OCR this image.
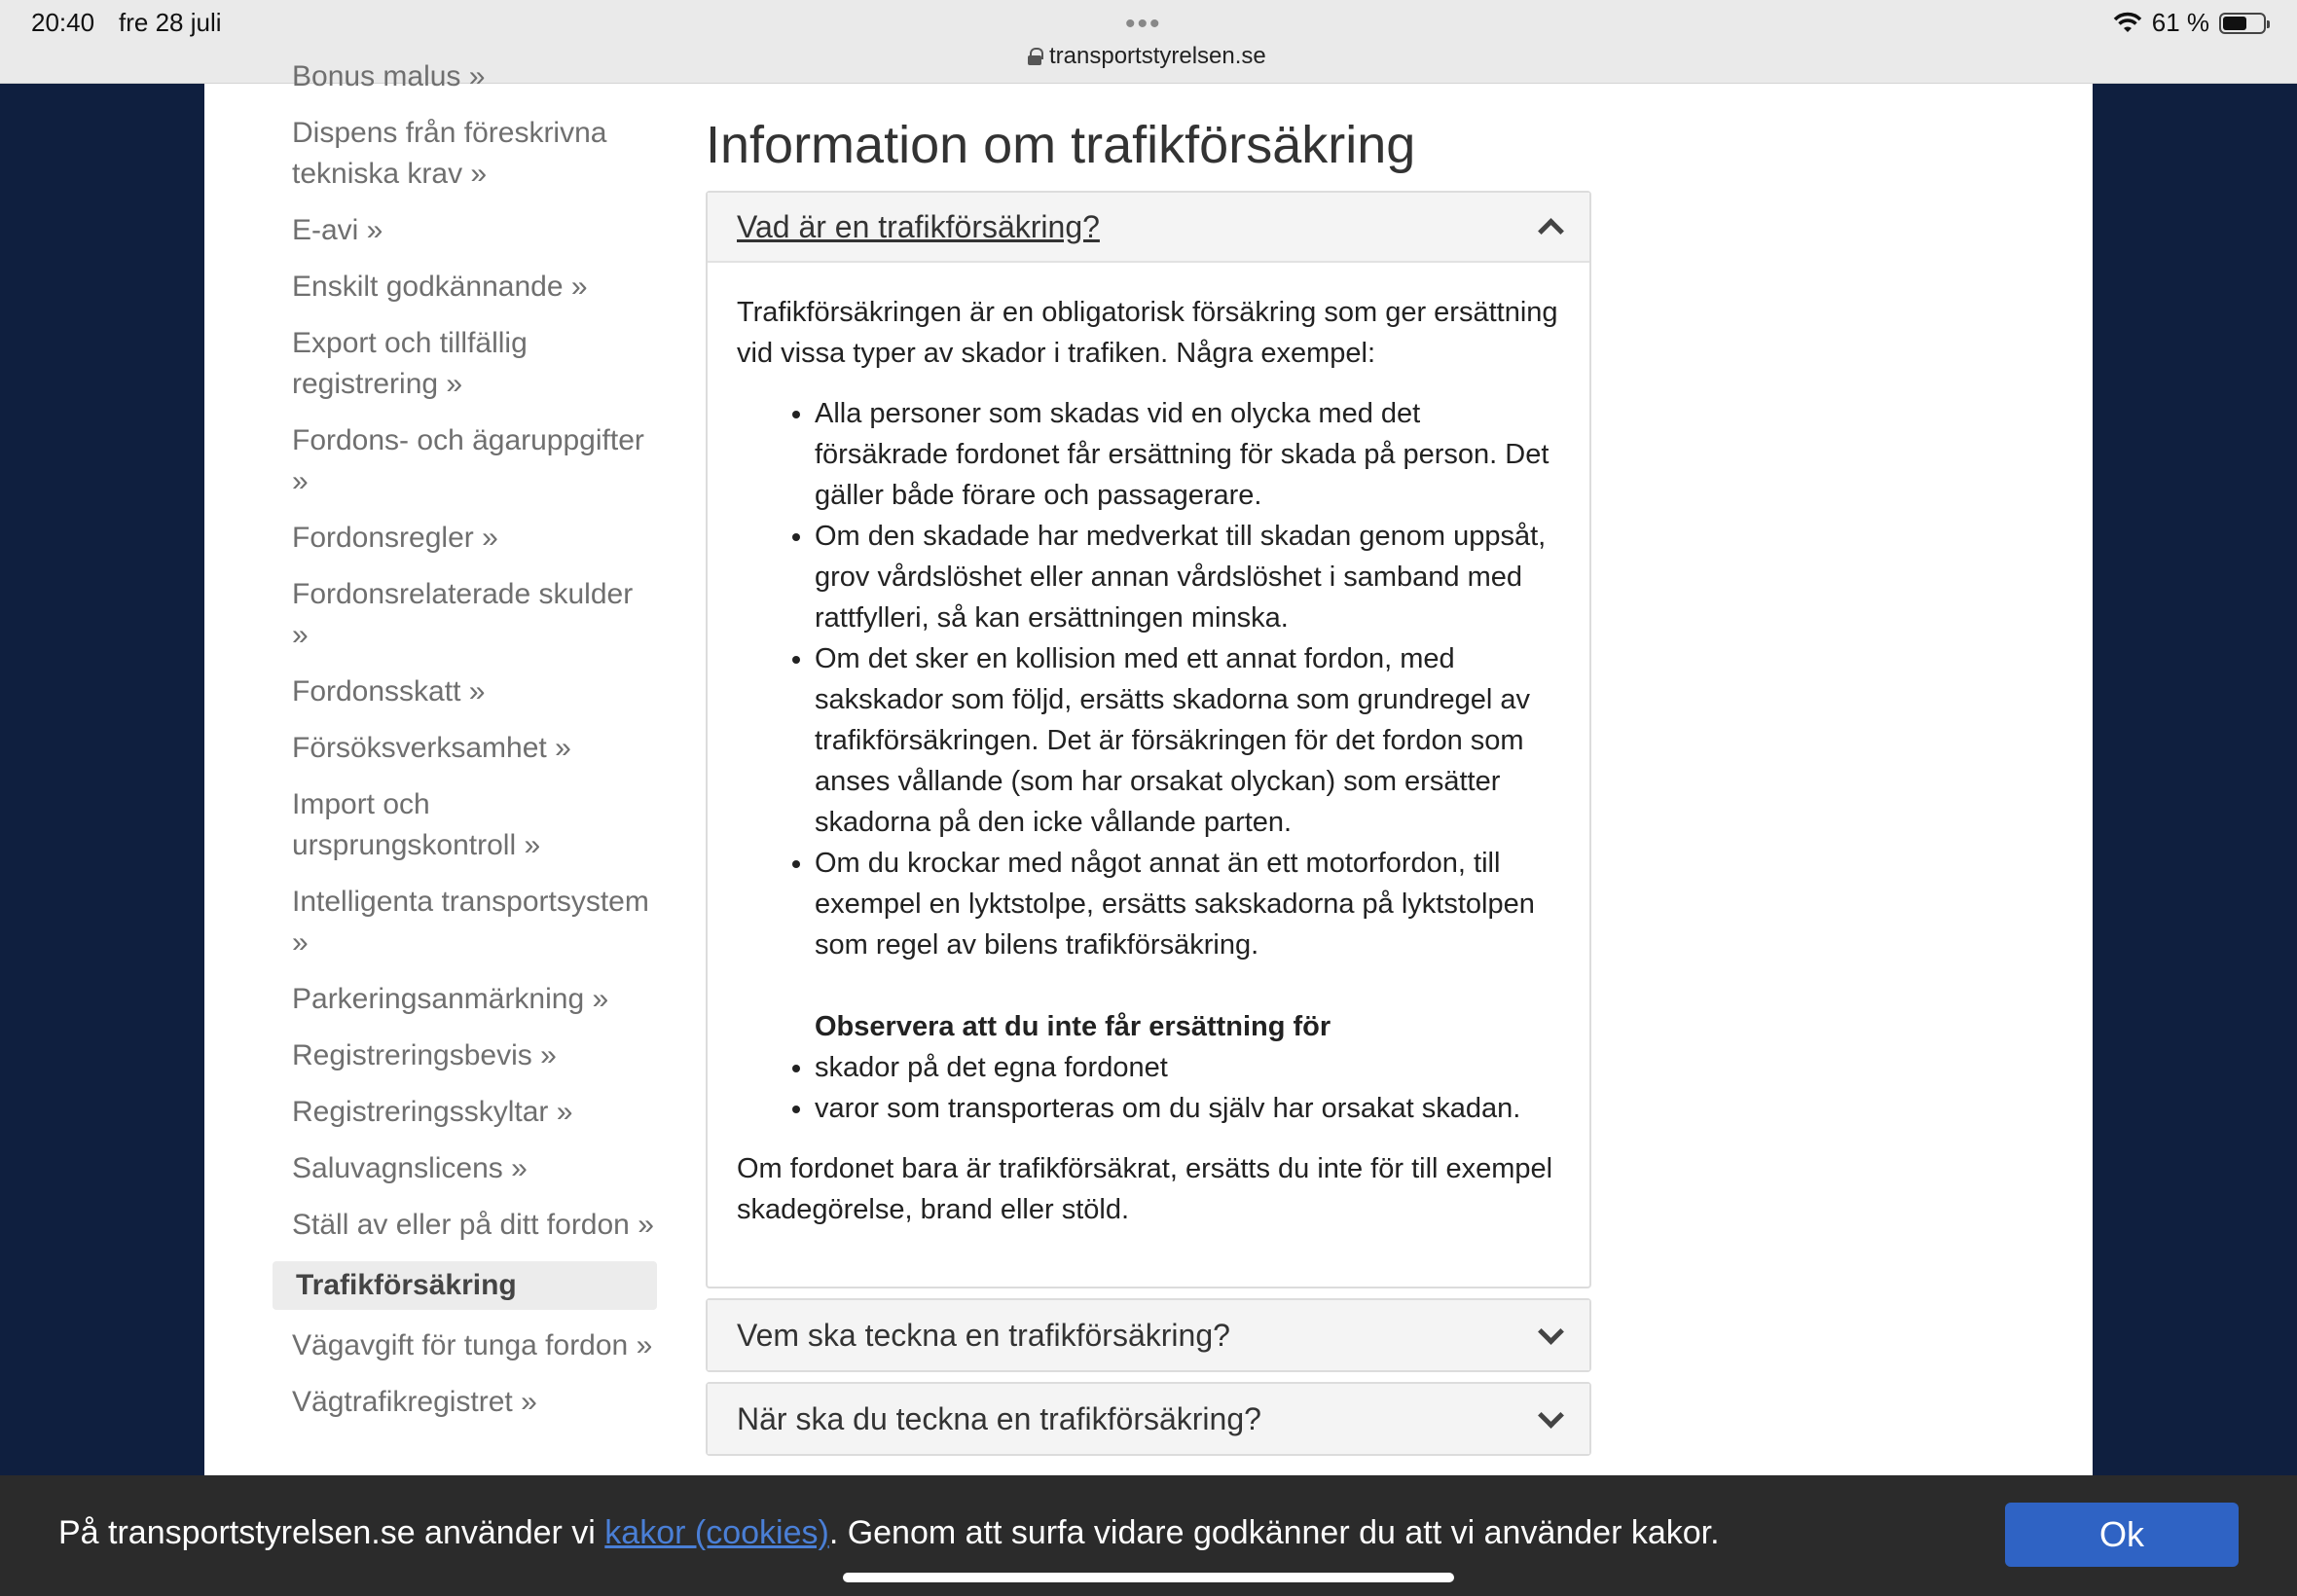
20:40 fre 28 juli	•••
transportstyrelsen.se
61 %
Bonus malus »
Dispens från föreskrivna tekniska krav »
E-avi »
Enskilt godkännande »
Export och tillfällig registrering »
Fordons- och ägaruppgifter »
Fordonsregler »
Fordonsrelaterade skulder »
Fordonsskatt »
Försöksverksamhet »
Import och ursprungskontroll »
Intelligenta transportsystem »
Parkeringsanmärkning »
Registreringsbevis »
Registreringsskyltar »
Saluvagnslicens »
Ställ av eller på ditt fordon »
Trafikförsäkring
Vägavgift för tunga fordon »
Vägtrafikregistret »
Information om trafikförsäkring
Vad är en trafikförsäkring?

Trafikförsäkringen är en obligatorisk försäkring som ger ersättning vid vissa typer av skador i trafiken. Några exempel:

• Alla personer som skadas vid en olycka med det försäkrade fordonet får ersättning för skada på person. Det gäller både förare och passagerare.
• Om den skadade har medverkat till skadan genom uppsåt, grov vårdslöshet eller annan vårdslöshet i samband med rattfylleri, så kan ersättningen minska.
• Om det sker en kollision med ett annat fordon, med sakskador som följd, ersätts skadorna som grundregel av trafikförsäkringen. Det är försäkringen för det fordon som anses vållande (som har orsakat olyckan) som ersätter skadorna på den icke vållande parten.
• Om du krockar med något annat än ett motorfordon, till exempel en lyktstolpe, ersätts sakskadorna på lyktstolpen som regel av bilens trafikförsäkring.
Observera att du inte får ersättning för
• skador på det egna fordonet
• varor som transporteras om du själv har orsakat skadan.

Om fordonet bara är trafikförsäkrat, ersätts du inte för till exempel skadegörelse, brand eller stöld.

Vem ska teckna en trafikförsäkring?
När ska du teckna en trafikförsäkring?
På transportstyrelsen.se använder vi kakor (cookies). Genom att surfa vidare godkänner du att vi använder kakor.	Ok
